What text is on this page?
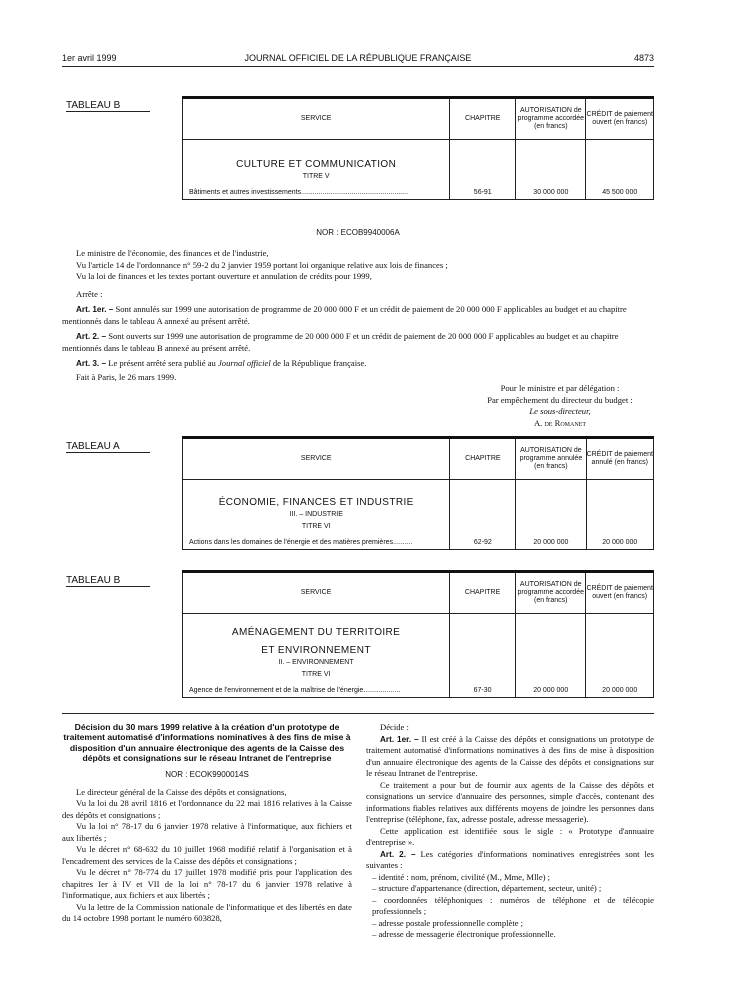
1er avril 1999	JOURNAL OFFICIEL DE LA RÉPUBLIQUE FRANÇAISE	4873
TABLEAU B
SERVICE	CHAPITRE	AUTORISATION de programme accordée (en francs)	CRÉDIT de paiement ouvert (en francs)
CULTURE ET COMMUNICATION			
TITRE V			
Bâtiments et autres investissements.......................................................	56-91	30 000 000	45 500 000
NOR : ECOB9940006A

Le ministre de l'économie, des finances et de l'industrie,

Vu l'article 14 de l'ordonnance n° 59-2 du 2 janvier 1959 portant loi organique relative aux lois de finances ;

Vu la loi de finances et les textes portant ouverture et annulation de crédits pour 1999,

Arrête :

Art. 1er. – Sont annulés sur 1999 une autorisation de programme de 20 000 000 F et un crédit de paiement de 20 000 000 F applicables au budget et au chapitre mentionnés dans le tableau A annexé au présent arrêté.

Art. 2. – Sont ouverts sur 1999 une autorisation de programme de 20 000 000 F et un crédit de paiement de 20 000 000 F applicables au budget et au chapitre mentionnés dans le tableau B annexé au présent arrêté.

Art. 3. – Le présent arrêté sera publié au Journal officiel de la République française.

Fait à Paris, le 26 mars 1999.

Pour le ministre et par délégation :
Par empêchement du directeur du budget :
Le sous-directeur,
A. de Romanet
TABLEAU A
SERVICE	CHAPITRE	AUTORISATION de programme annulée (en francs)	CRÉDIT de paiement annulé (en francs)
ÉCONOMIE, FINANCES ET INDUSTRIE			
III. – INDUSTRIE			
TITRE VI			
Actions dans les domaines de l'énergie et des matières premières..........	62-92	20 000 000	20 000 000
TABLEAU B
SERVICE	CHAPITRE	AUTORISATION de programme accordée (en francs)	CRÉDIT de paiement ouvert (en francs)
AMÉNAGEMENT DU TERRITOIRE			
ET ENVIRONNEMENT			
II. – ENVIRONNEMENT			
TITRE VI			
Agence de l'environnement et de la maîtrise de l'énergie...................	67-30	20 000 000	20 000 000
Décision du 30 mars 1999 relative à la création d'un prototype de traitement automatisé d'informations nominatives à des fins de mise à disposition d'un annuaire électronique des agents de la Caisse des dépôts et consignations sur le réseau Intranet de l'entreprise
NOR : ECOK9900014S

Le directeur général de la Caisse des dépôts et consignations,

Vu la loi du 28 avril 1816 et l'ordonnance du 22 mai 1816 relatives à la Caisse des dépôts et consignations ;

Vu la loi n° 78-17 du 6 janvier 1978 relative à l'informatique, aux fichiers et aux libertés ;

Vu le décret n° 68-632 du 10 juillet 1968 modifié relatif à l'organisation et à l'encadrement des services de la Caisse des dépôts et consignations ;

Vu le décret n° 78-774 du 17 juillet 1978 modifié pris pour l'application des chapitres Ier à IV et VII de la loi n° 78-17 du 6 janvier 1978 relative à l'informatique, aux fichiers et aux libertés ;

Vu la lettre de la Commission nationale de l'informatique et des libertés en date du 14 octobre 1998 portant le numéro 603828,

Décide :

Art. 1er. – Il est créé à la Caisse des dépôts et consignations un prototype de traitement automatisé d'informations nominatives à des fins de mise à disposition d'un annuaire électronique des agents de la Caisse des dépôts et consignations sur le réseau Intranet de l'entreprise.

Ce traitement a pour but de fournir aux agents de la Caisse des dépôts et consignations un service d'annuaire des personnes, simple d'accès, contenant des informations fiables relatives aux différents moyens de joindre les personnes dans l'entreprise (téléphone, fax, adresse postale, adresse messagerie).

Cette application est identifiée sous le sigle : « Prototype d'annuaire d'entreprise ».

Art. 2. – Les catégories d'informations nominatives enregistrées sont les suivantes :

– identité : nom, prénom, civilité (M., Mme, Mlle) ;

– structure d'appartenance (direction, département, secteur, unité) ;

– coordonnées téléphoniques : numéros de téléphone et de télécopie professionnels ;

– adresse postale professionnelle complète ;

– adresse de messagerie électronique professionnelle.
